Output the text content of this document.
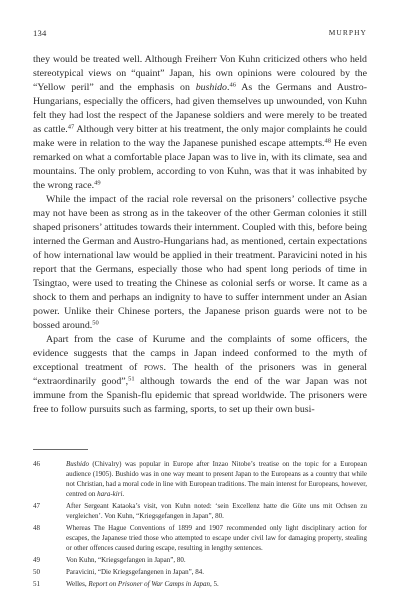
134	MURPHY

they would be treated well. Although Freiherr Von Kuhn criticized others who held stereotypical views on “quaint” Japan, his own opinions were coloured by the “Yellow peril” and the emphasis on bushido.$^{46}$ As the Germans and Austro-Hungarians, especially the officers, had given themselves up unwounded, von Kuhn felt they had lost the respect of the Japanese soldiers and were merely to be treated as cattle.$^{47}$ Although very bitter at his treatment, the only major complaints he could make were in relation to the way the Japanese punished escape attempts.$^{48}$ He even remarked on what a comfortable place Japan was to live in, with its climate, sea and mountains. The only problem, according to von Kuhn, was that it was inhabited by the wrong race.$^{49}$

While the impact of the racial role reversal on the prisoners’ collective psyche may not have been as strong as in the takeover of the other German colonies it still shaped prisoners’ attitudes towards their internment. Coupled with this, before being interned the German and Austro-Hungarians had, as mentioned, certain expectations of how international law would be applied in their treatment. Paravicini noted in his report that the Germans, especially those who had spent long periods of time in Tsingtao, were used to treating the Chinese as colonial serfs or worse. It came as a shock to them and perhaps an indignity to have to suffer internment under an Asian power. Unlike their Chinese porters, the Japanese prison guards were not to be bossed around.$^{50}$

Apart from the case of Kurume and the complaints of some officers, the evidence suggests that the camps in Japan indeed conformed to the myth of exceptional treatment of pows. The health of the prisoners was in general “extraordinarily good”,$^{51}$ although towards the end of the war Japan was not immune from the Spanish-flu epidemic that spread worldwide. The prisoners were free to follow pursuits such as farming, sports, to set up their own busi-

46	Bushido (Chivalry) was popular in Europe after Inzao Nitobe’s treatise on the topic for a European audience (1905). Bushido was in one way meant to present Japan to the Europeans as a country that while not Christian, had a moral code in line with European traditions. The main interest for Europeans, however, centred on hara-kiri.
47	After Sergeant Kataoka’s visit, von Kuhn noted: ‘sein Excellenz hatte die Güte uns mit Ochsen zu vergleichen’. Von Kuhn, “Kriegsgefangen in Japan”, 80.
48	Whereas The Hague Conventions of 1899 and 1907 recommended only light disciplinary action for escapes, the Japanese tried those who attempted to escape under civil law for damaging property, stealing or other offences caused during escape, resulting in lengthy sentences.
49	Von Kuhn, “Kriegsgefangen in Japan”, 80.
50	Paravicini, “Die Kriegsgefangenen in Japan”, 84.
51	Welles, Report on Prisoner of War Camps in Japan, 5.
